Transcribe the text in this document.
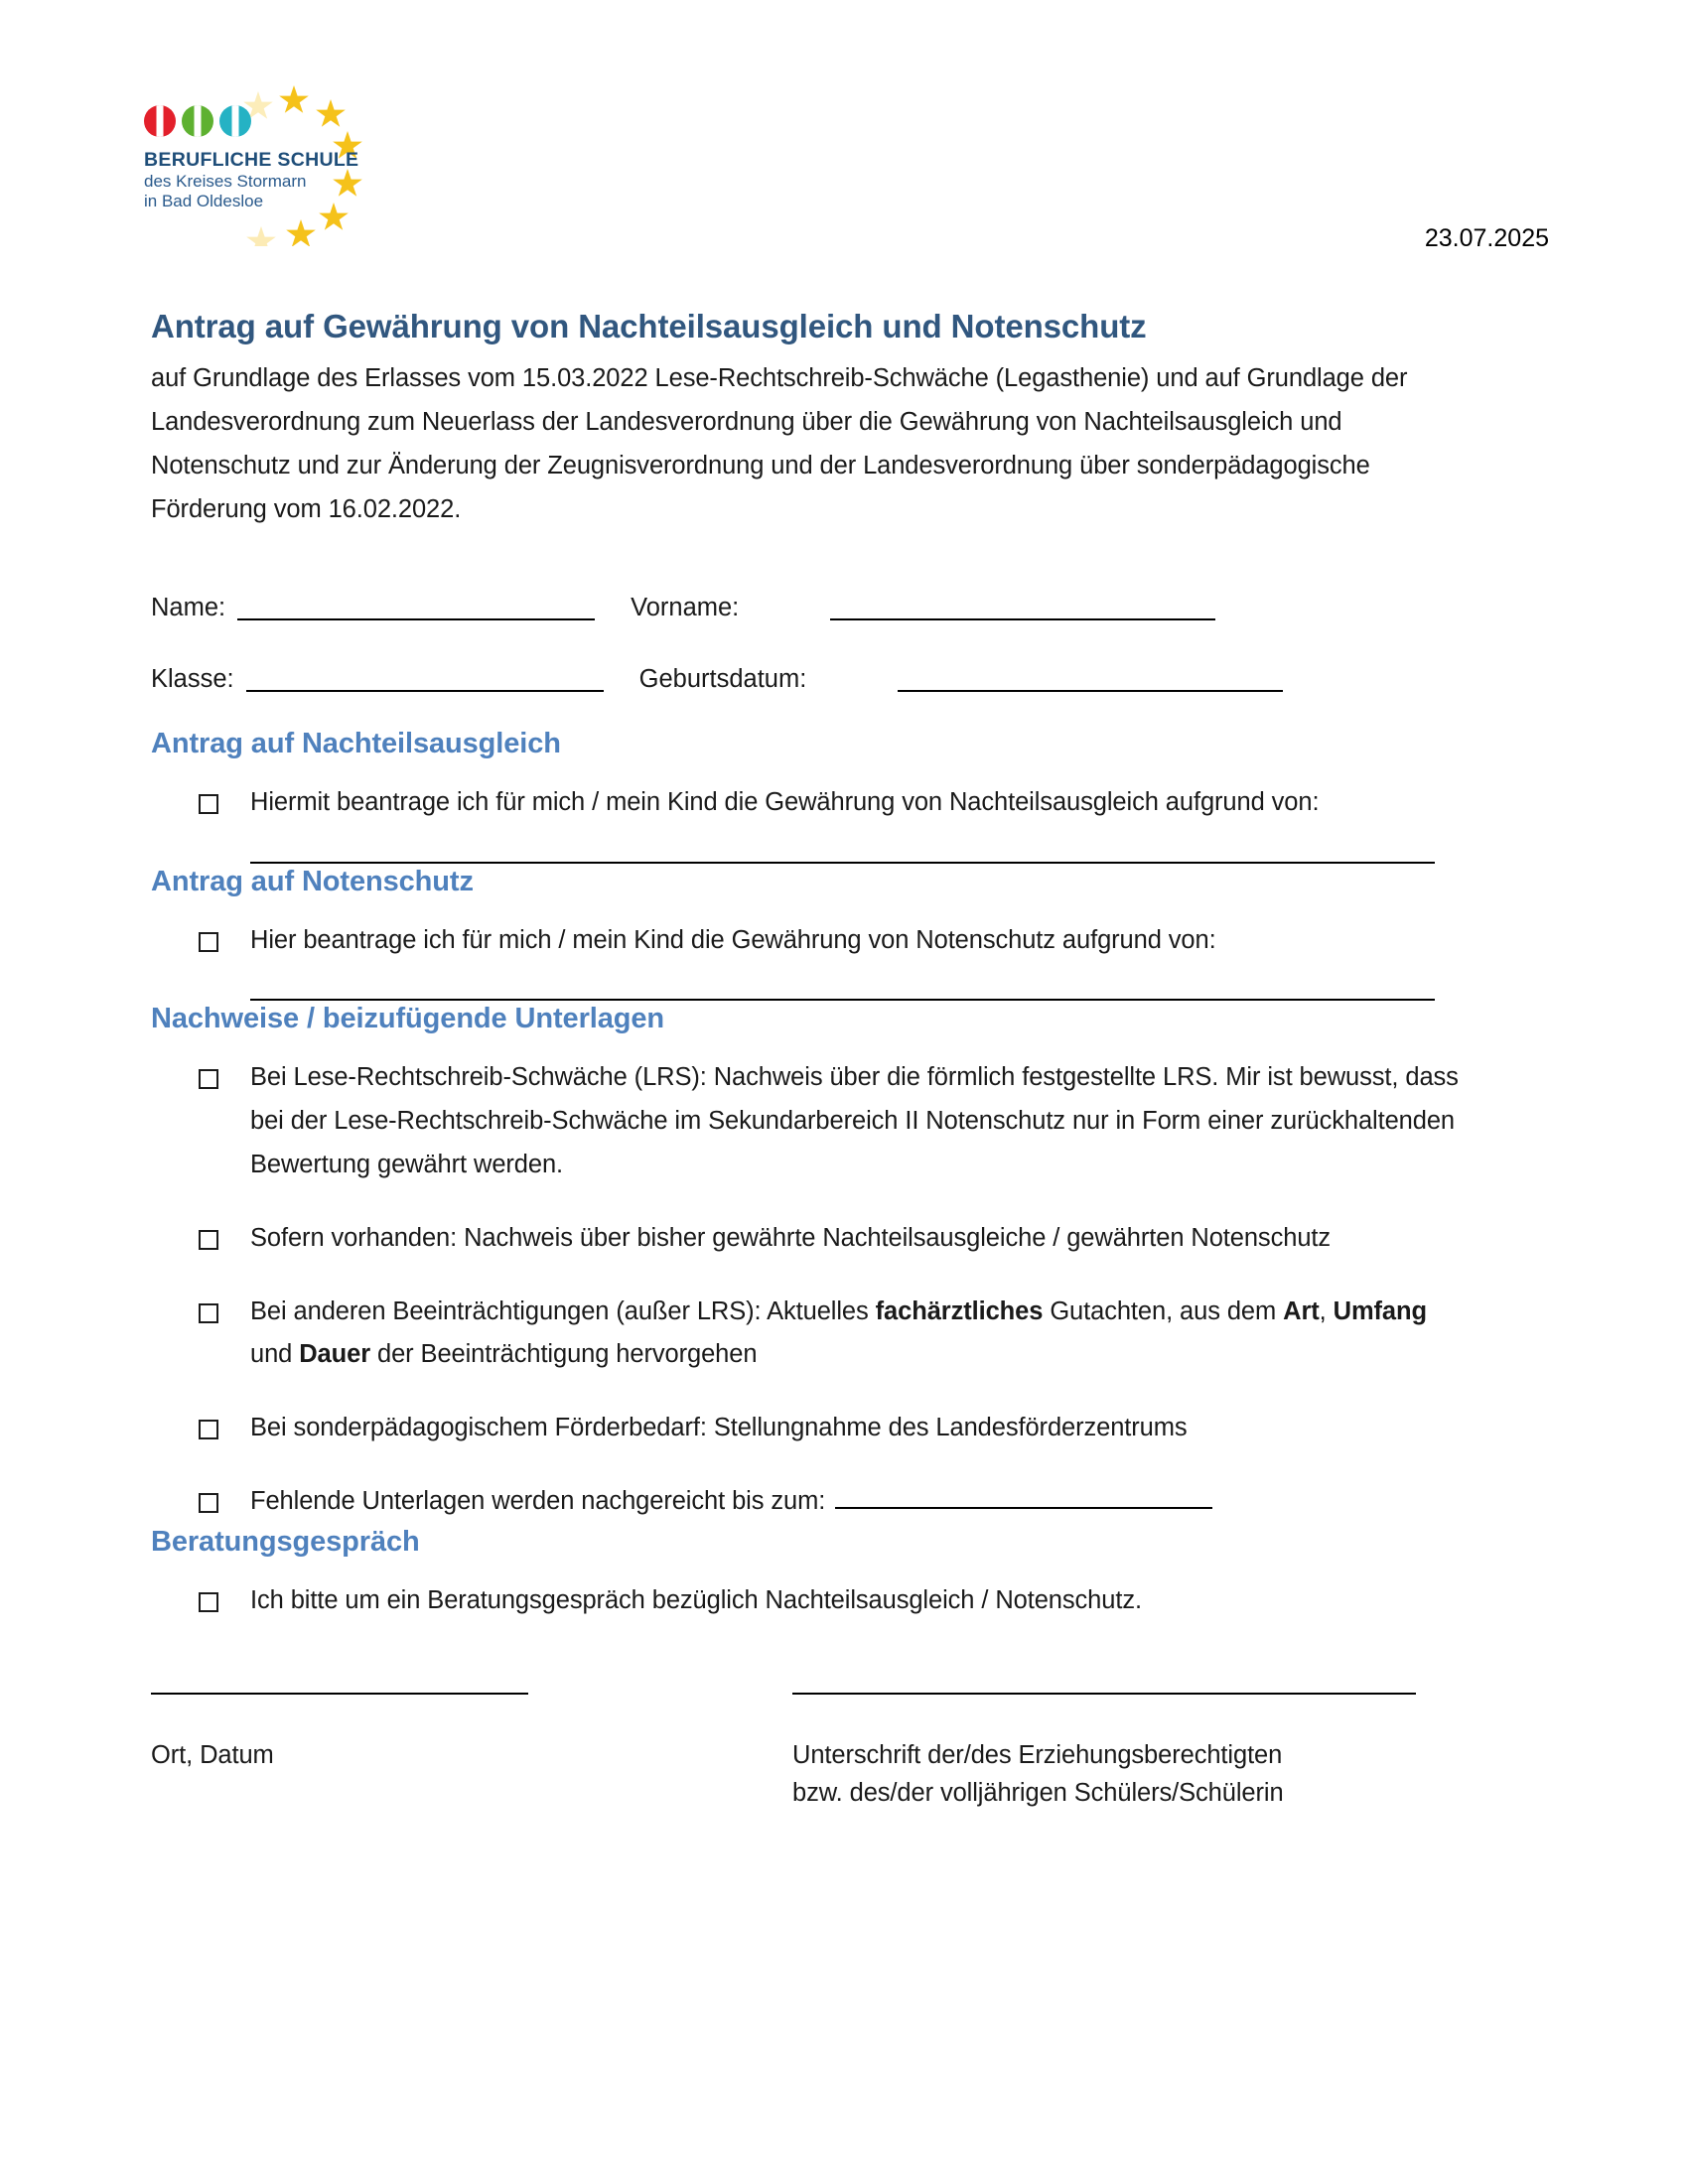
BERUFLICHE SCHULE
des Kreises Stormarn
in Bad Oldesloe
23.07.2025
Antrag auf Gewährung von Nachteilsausgleich und Notenschutz

auf Grundlage des Erlasses vom 15.03.2022 Lese-Rechtschreib-Schwäche (Legasthenie) und auf Grundlage der Landesverordnung zum Neuerlass der Landesverordnung über die Gewährung von Nachteilsausgleich und Notenschutz und zur Änderung der Zeugnisverordnung und der Landesverordnung über sonderpädagogische Förderung vom 16.02.2022.

Name:	Vorname:
Klasse:	Geburtsdatum:
Antrag auf Nachteilsausgleich
Hiermit beantrage ich für mich / mein Kind die Gewährung von Nachteilsausgleich aufgrund von:
Antrag auf Notenschutz
Hier beantrage ich für mich / mein Kind die Gewährung von Notenschutz aufgrund von:
Nachweise / beizufügende Unterlagen
Bei Lese-Rechtschreib-Schwäche (LRS): Nachweis über die förmlich festgestellte LRS. Mir ist bewusst, dass bei der Lese-Rechtschreib-Schwäche im Sekundarbereich II Notenschutz nur in Form einer zurückhaltenden Bewertung gewährt werden.
Sofern vorhanden: Nachweis über bisher gewährte Nachteilsausgleiche / gewährten Notenschutz
Bei anderen Beeinträchtigungen (außer LRS): Aktuelles fachärztliches Gutachten, aus dem Art, Umfang und Dauer der Beeinträchtigung hervorgehen
Bei sonderpädagogischem Förderbedarf: Stellungnahme des Landesförderzentrums
Fehlende Unterlagen werden nachgereicht bis zum:
Beratungsgespräch
Ich bitte um ein Beratungsgespräch bezüglich Nachteilsausgleich / Notenschutz.
Ort, Datum	Unterschrift der/des Erziehungsberechtigten
bzw. des/der volljährigen Schülers/Schülerin
